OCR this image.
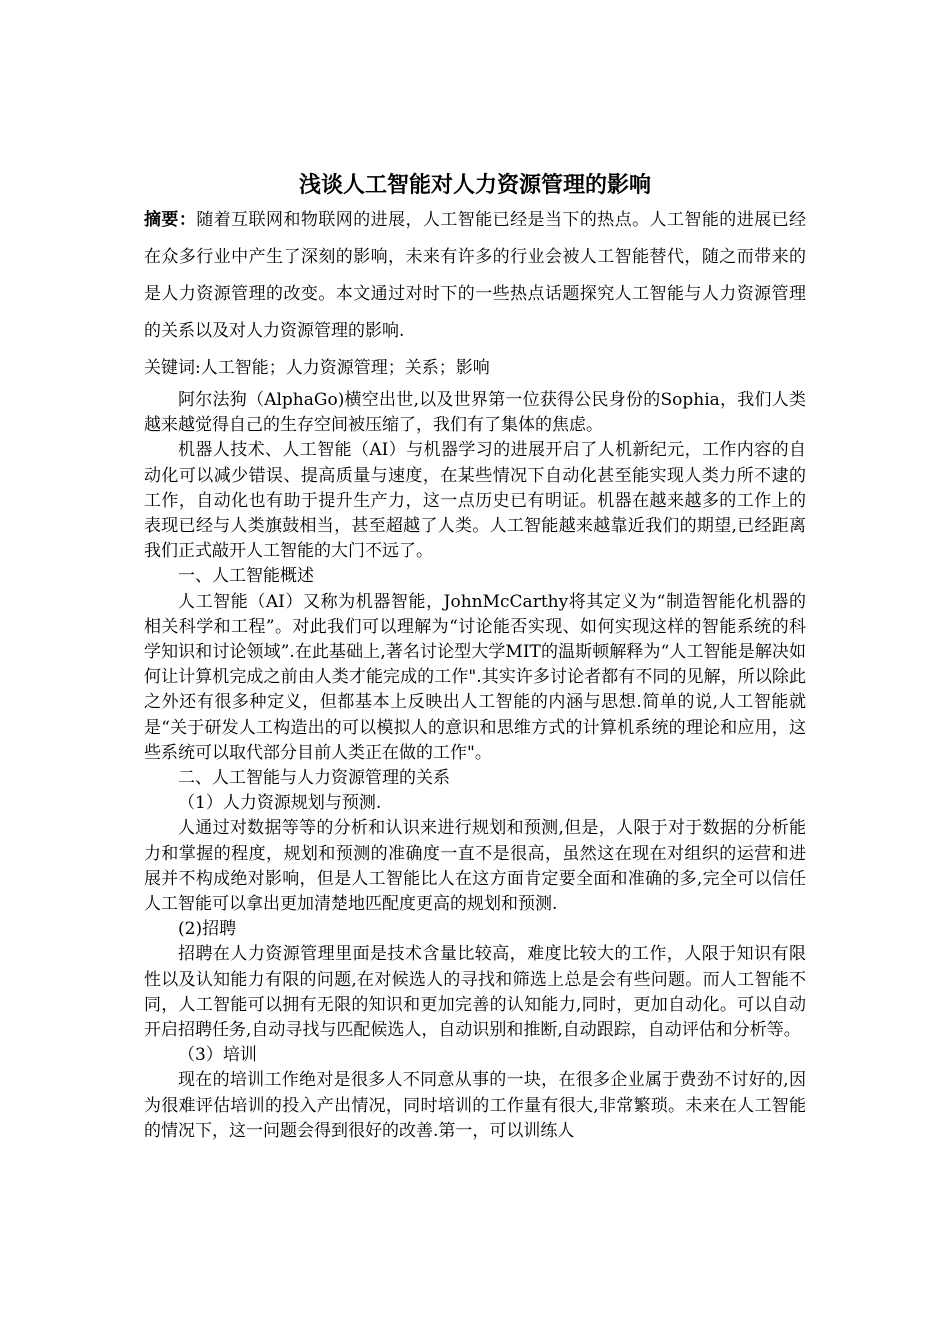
浅谈人工智能对人力资源管理的影响

摘要：随着互联网和物联网的进展，人工智能已经是当下的热点。人工智能的进展已经在众多行业中产生了深刻的影响，未来有许多的行业会被人工智能替代，随之而带来的是人力资源管理的改变。本文通过对时下的一些热点话题探究人工智能与人力资源管理的关系以及对人力资源管理的影响.

关键词:人工智能；人力资源管理；关系；影响

阿尔法狗（AlphaGo)横空出世,以及世界第一位获得公民身份的Sophia，我们人类越来越觉得自己的生存空间被压缩了，我们有了集体的焦虑。

机器人技术、人工智能（AI）与机器学习的进展开启了人机新纪元，工作内容的自动化可以减少错误、提高质量与速度，在某些情况下自动化甚至能实现人类力所不逮的工作，自动化也有助于提升生产力，这一点历史已有明证。机器在越来越多的工作上的表现已经与人类旗鼓相当，甚至超越了人类。人工智能越来越靠近我们的期望,已经距离我们正式敲开人工智能的大门不远了。

一、人工智能概述

人工智能（AI）又称为机器智能，JohnMcCarthy将其定义为“制造智能化机器的相关科学和工程”。对此我们可以理解为“讨论能否实现、如何实现这样的智能系统的科学知识和讨论领域”.在此基础上,著名讨论型大学MIT的温斯顿解释为“人工智能是解决如何让计算机完成之前由人类才能完成的工作".其实许多讨论者都有不同的见解，所以除此之外还有很多种定义，但都基本上反映出人工智能的内涵与思想.简单的说,人工智能就是“关于研发人工构造出的可以模拟人的意识和思维方式的计算机系统的理论和应用，这些系统可以取代部分目前人类正在做的工作"。

二、人工智能与人力资源管理的关系

（1）人力资源规划与预测.

人通过对数据等等的分析和认识来进行规划和预测,但是，人限于对于数据的分析能力和掌握的程度，规划和预测的准确度一直不是很高，虽然这在现在对组织的运营和进展并不构成绝对影响，但是人工智能比人在这方面肯定要全面和准确的多,完全可以信任人工智能可以拿出更加清楚地匹配度更高的规划和预测.

(2)招聘

招聘在人力资源管理里面是技术含量比较高，难度比较大的工作，人限于知识有限性以及认知能力有限的问题,在对候选人的寻找和筛选上总是会有些问题。而人工智能不同，人工智能可以拥有无限的知识和更加完善的认知能力,同时，更加自动化。可以自动开启招聘任务,自动寻找与匹配候选人，自动识别和推断,自动跟踪，自动评估和分析等。

（3）培训

现在的培训工作绝对是很多人不同意从事的一块，在很多企业属于费劲不讨好的,因为很难评估培训的投入产出情况，同时培训的工作量有很大,非常繁琐。未来在人工智能的情况下，这一问题会得到很好的改善.第一，可以训练人
